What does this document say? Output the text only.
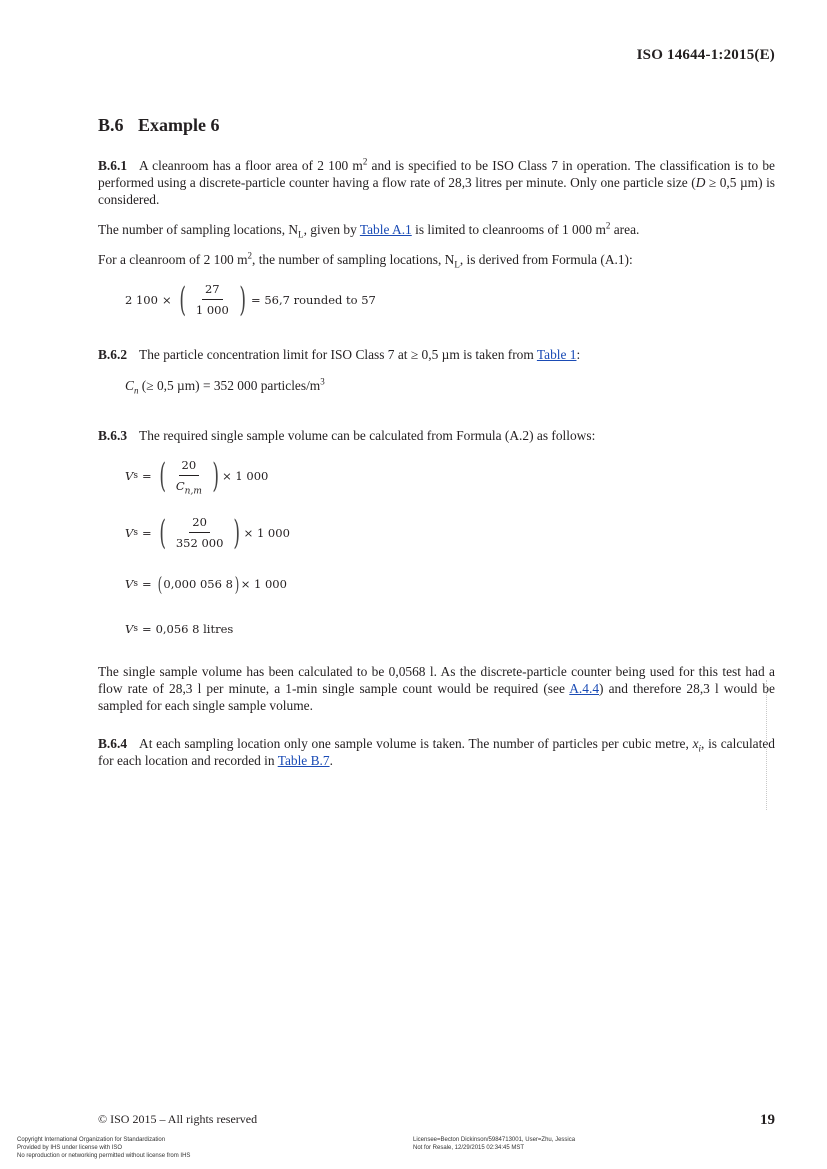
ISO 14644-1:2015(E)
B.6 Example 6
B.6.1 A cleanroom has a floor area of 2 100 $m^2$ and is specified to be ISO Class 7 in operation. The classification is to be performed using a discrete-particle counter having a flow rate of 28,3 litres per minute. Only one particle size (D ≥ 0,5 µm) is considered.
The number of sampling locations, $N_L$, given by Table A.1 is limited to cleanrooms of 1 000 $m^2$ area.
For a cleanroom of 2 100 $m^2$, the number of sampling locations, $N_L$, is derived from Formula (A.1):
2 100 × ( $\frac{27}{1 000}$ ) = 56,7 rounded to 57
B.6.2 The particle concentration limit for ISO Class 7 at ≥ 0,5 µm is taken from Table 1:
$C_n$ (≥ 0,5 µm) = 352 000 particles/$m^3$
B.6.3 The required single sample volume can be calculated from Formula (A.2) as follows:
V s = ( $\frac{20}{C_{n,m}}$ ) × 1 000
V s = ( $\frac{20}{352 000}$ ) × 1 000
V s = ( 0,000 056 8 ) × 1 000
V s = 0,056 8 litres
The single sample volume has been calculated to be 0,0568 l. As the discrete-particle counter being used for this test had a flow rate of 28,3 l per minute, a 1-min single sample count would be required (see A.4.4) and therefore 28,3 l would be sampled for each single sample volume.
B.6.4 At each sampling location only one sample volume is taken. The number of particles per cubic metre, $x_i$, is calculated for each location and recorded in Table B.7.
© ISO 2015 – All rights reserved	19
Copyright International Organization for Standardization
Provided by IHS under license with ISO
No reproduction or networking permitted without license from IHS
Licensee=Becton Dickinson/5984713001, User=Zhu, Jessica
Not for Resale, 12/29/2015 02:34:45 MST
